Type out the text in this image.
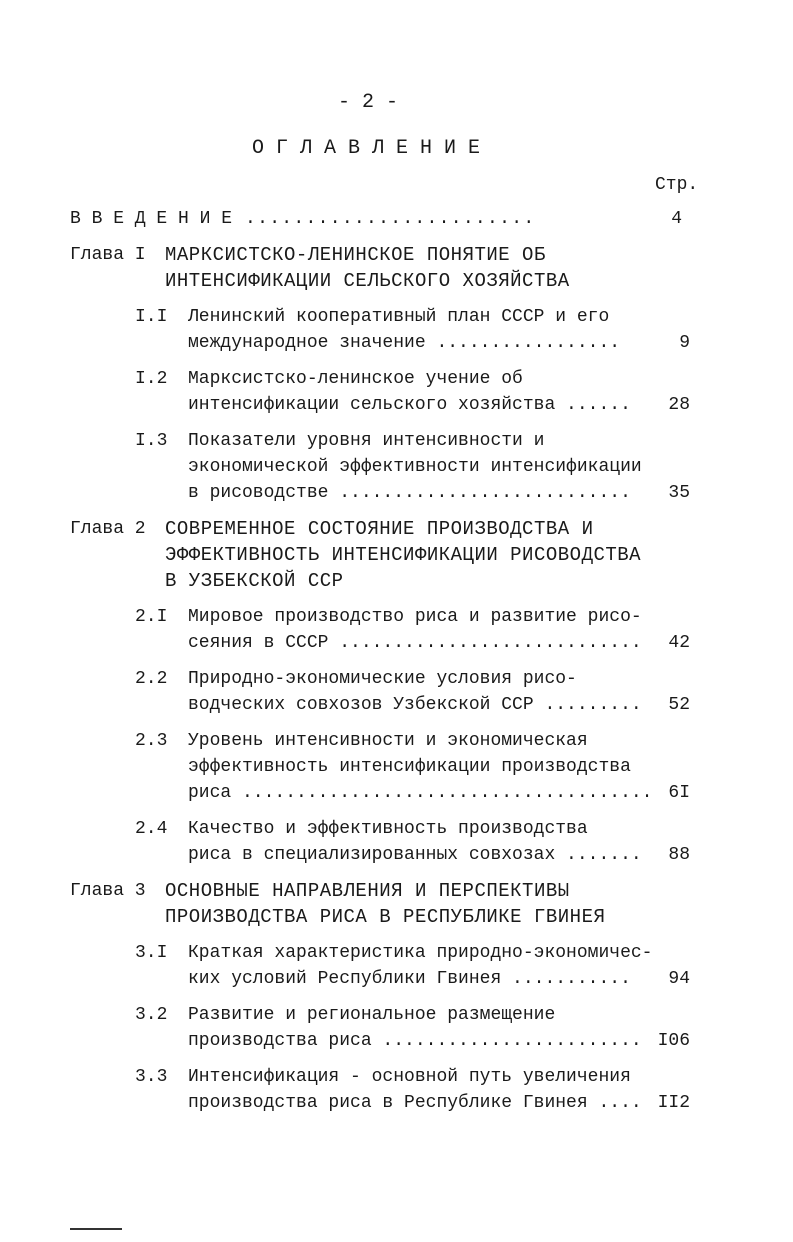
- 2 -
О Г Л А В Л Е Н И Е
Стр.
В В Е Д Е Н И Е ........................	4
Глава I МАРКСИСТСКО-ЛЕНИНСКОЕ ПОНЯТИЕ ОБ
ИНТЕНСИФИКАЦИИ СЕЛЬСКОГО ХОЗЯЙСТВА
I.I Ленинский кооперативный план СССР и его
международное значение .................	9
I.2 Марксистско-ленинское учение об
интенсификации сельского хозяйства ......	28
I.3 Показатели уровня интенсивности и
экономической эффективности интенсификации
в рисоводстве ...........................	35
Глава 2 СОВРЕМЕННОЕ СОСТОЯНИЕ ПРОИЗВОДСТВА И
ЭФФЕКТИВНОСТЬ ИНТЕНСИФИКАЦИИ РИСОВОДСТВА
В УЗБЕКСКОЙ ССР
2.I Мировое производство риса и развитие рисо-
сеяния в СССР ............................	42
2.2 Природно-экономические условия рисо-
водческих совхозов Узбекской ССР .........	52
2.3 Уровень интенсивности и экономическая
эффективность интенсификации производства
риса ...................................... 6I
2.4 Качество и эффективность производства
риса в специализированных совхозах .......	88
Глава 3 ОСНОВНЫЕ НАПРАВЛЕНИЯ И ПЕРСПЕКТИВЫ
ПРОИЗВОДСТВА РИСА В РЕСПУБЛИКЕ ГВИНЕЯ
3.I Краткая характеристика природно-экономичес-
ких условий Республики Гвинея ...........	94
3.2 Развитие и региональное размещение
производства риса ........................ I06
3.3 Интенсификация - основной путь увеличения
производства риса в Республике Гвинея .... II2
